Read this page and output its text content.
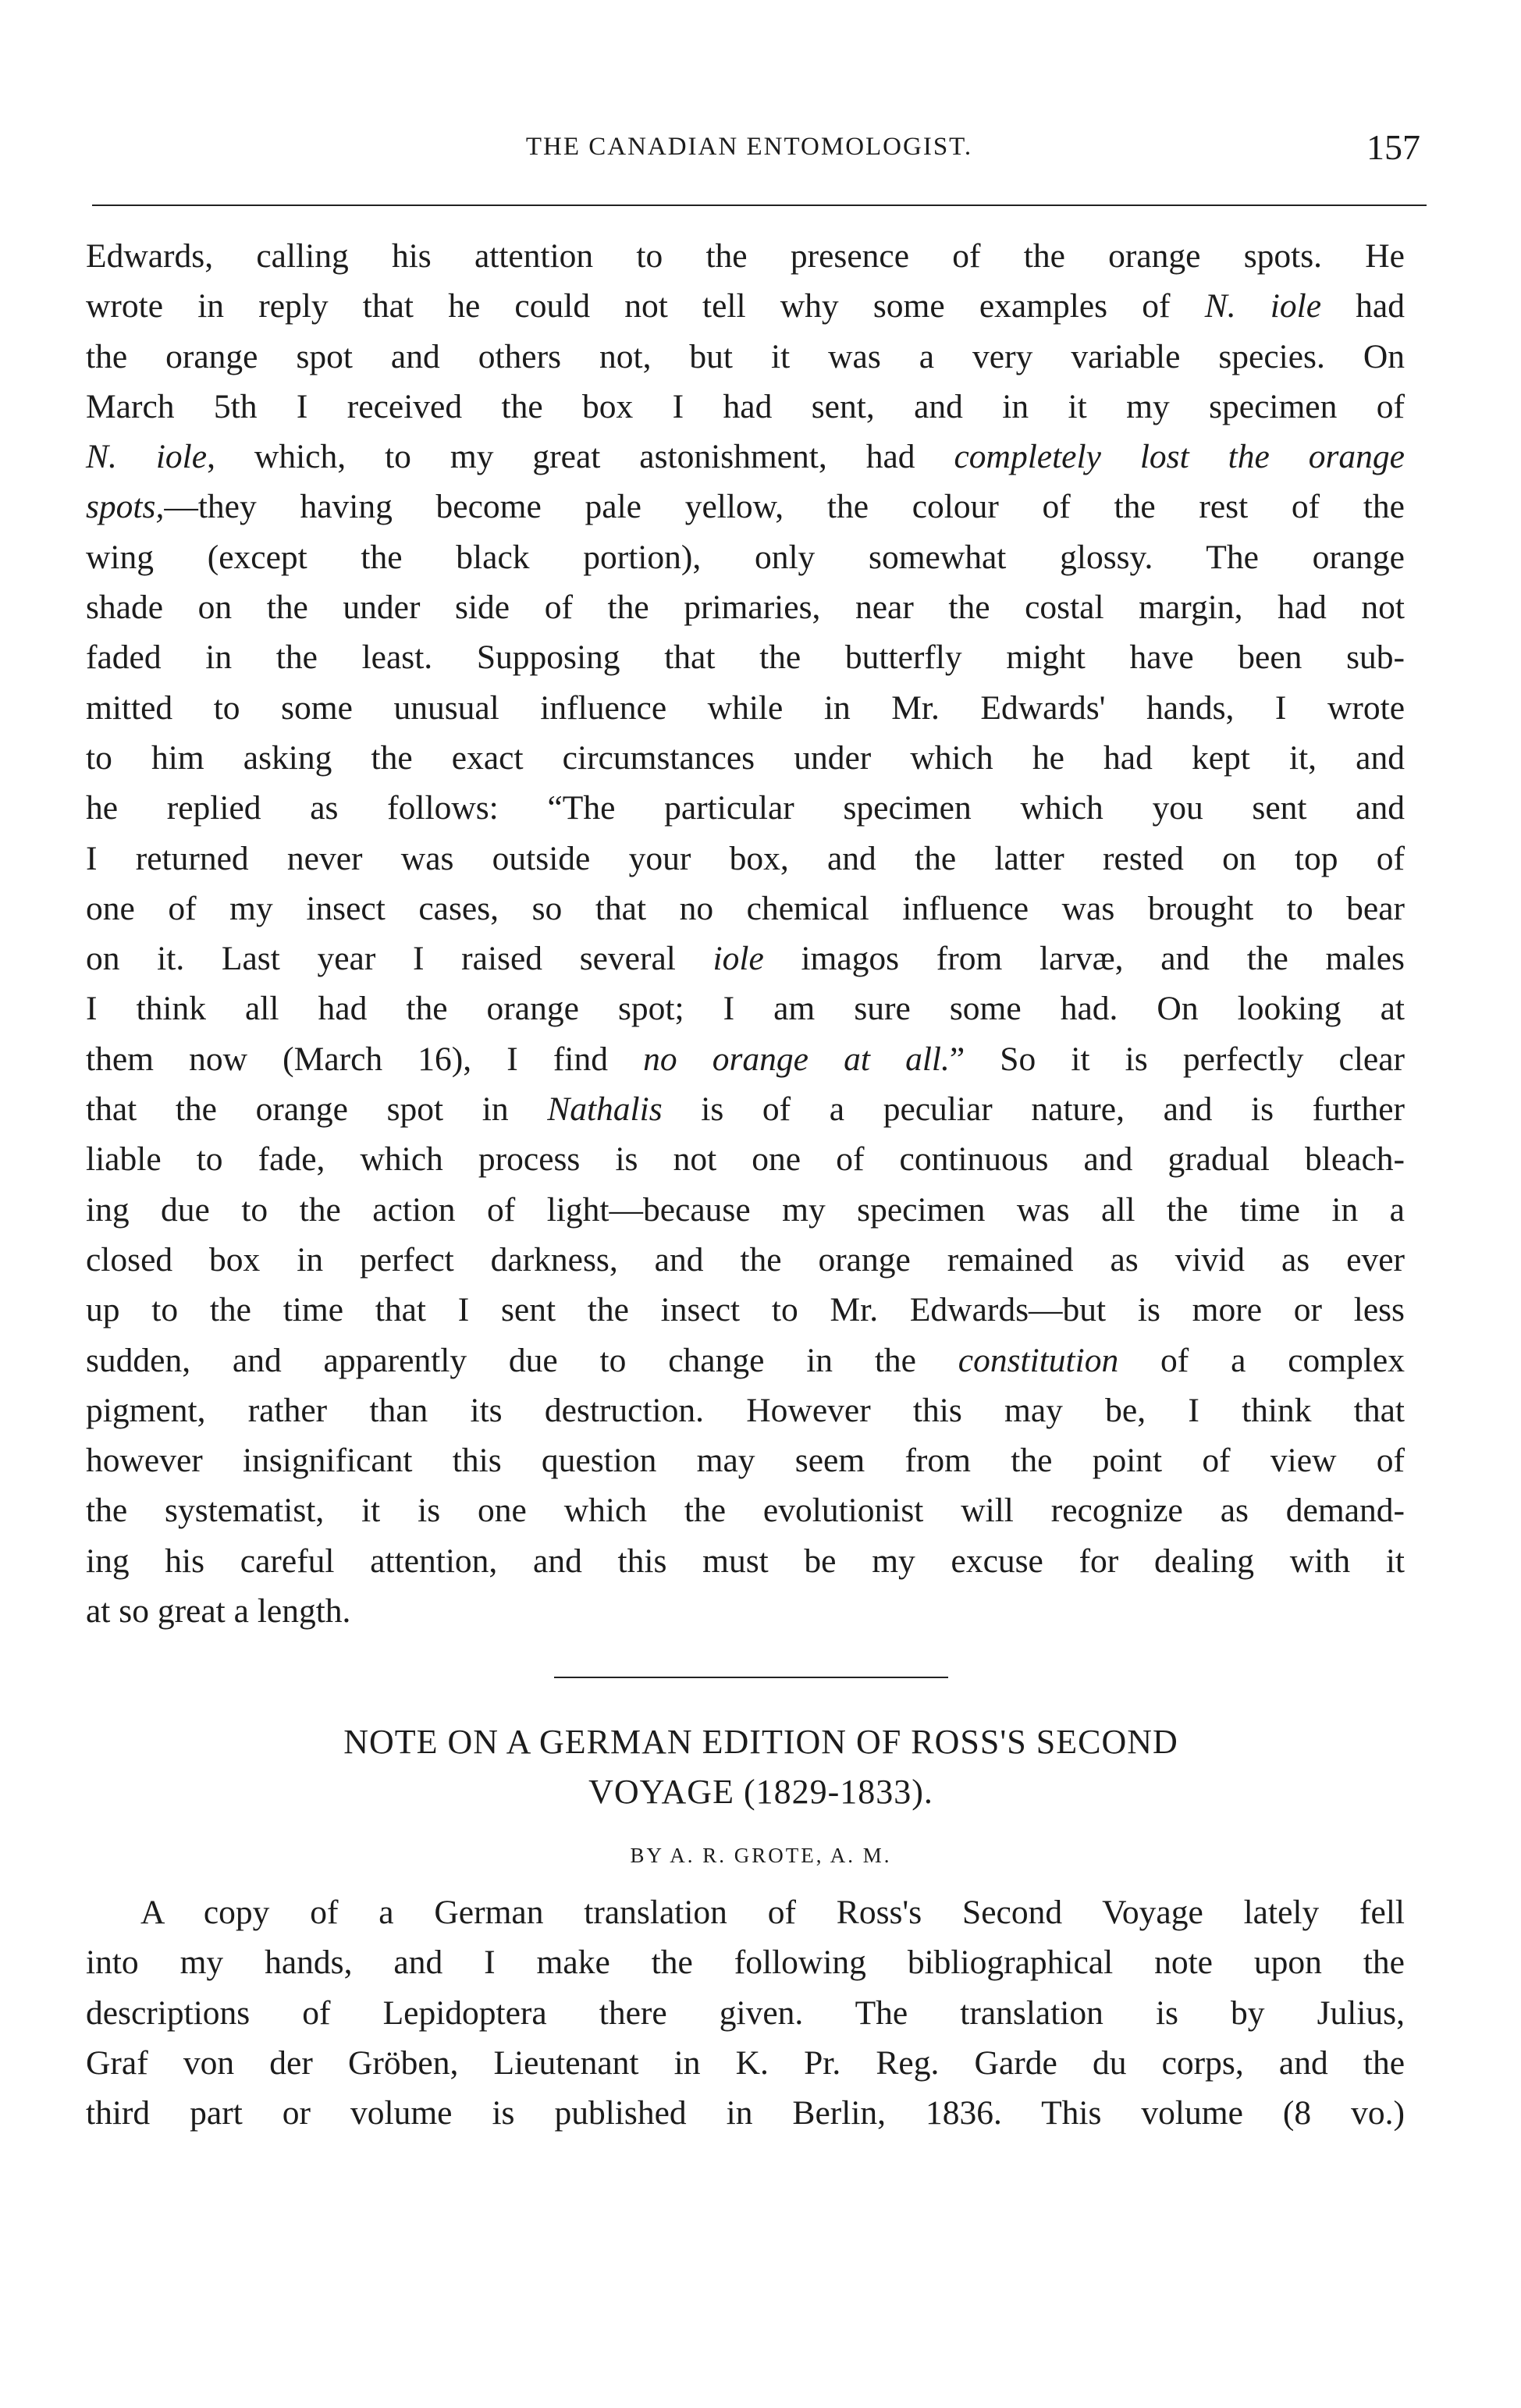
THE CANADIAN ENTOMOLOGIST.	157
Edwards, calling his attention to the presence of the orange spots. He
wrote in reply that he could not tell why some examples of N. iole had
the orange spot and others not, but it was a very variable species. On
March 5th I received the box I had sent, and in it my specimen of
N. iole, which, to my great astonishment, had completely lost the orange
spots,—they having become pale yellow, the colour of the rest of the
wing (except the black portion), only somewhat glossy. The orange
shade on the under side of the primaries, near the costal margin, had not
faded in the least. Supposing that the butterfly might have been sub-
mitted to some unusual influence while in Mr. Edwards' hands, I wrote
to him asking the exact circumstances under which he had kept it, and
he replied as follows: “The particular specimen which you sent and
I returned never was outside your box, and the latter rested on top of
one of my insect cases, so that no chemical influence was brought to bear
on it. Last year I raised several iole imagos from larvæ, and the males
I think all had the orange spot; I am sure some had. On looking at
them now (March 16), I find no orange at all.” So it is perfectly clear
that the orange spot in Nathalis is of a peculiar nature, and is further
liable to fade, which process is not one of continuous and gradual bleach-
ing due to the action of light—because my specimen was all the time in a
closed box in perfect darkness, and the orange remained as vivid as ever
up to the time that I sent the insect to Mr. Edwards—but is more or less
sudden, and apparently due to change in the constitution of a complex
pigment, rather than its destruction. However this may be, I think that
however insignificant this question may seem from the point of view of
the systematist, it is one which the evolutionist will recognize as demand-
ing his careful attention, and this must be my excuse for dealing with it
at so great a length.
NOTE ON A GERMAN EDITION OF ROSS'S SECOND
VOYAGE (1829-1833).
BY A. R. GROTE, A. M.
A copy of a German translation of Ross's Second Voyage lately fell
into my hands, and I make the following bibliographical note upon the
descriptions of Lepidoptera there given. The translation is by Julius,
Graf von der Gröben, Lieutenant in K. Pr. Reg. Garde du corps, and the
third part or volume is published in Berlin, 1836. This volume (8 vo.)
